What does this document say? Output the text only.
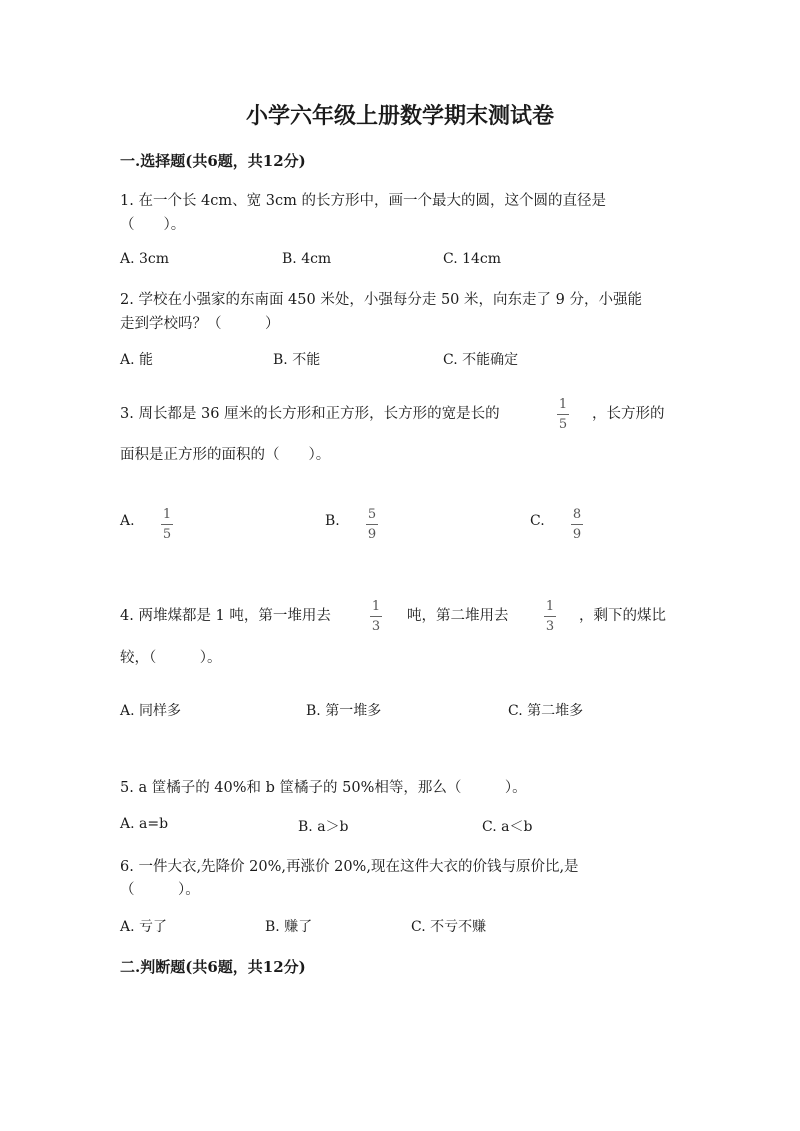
小学六年级上册数学期末测试卷
一.选择题(共6题，共12分)
1. 在一个长 4cm、宽 3cm 的长方形中，画一个最大的圆，这个圆的直径是
（　　）。
A. 3cm	B. 4cm	C. 14cm
2. 学校在小强家的东南面 450 米处，小强每分走 50 米，向东走了 9 分，小强能
走到学校吗？（　　　）
A. 能	B. 不能	C. 不能确定
3. 周长都是 36 厘米的长方形和正方形，长方形的宽是长的
1
5
，长方形的
面积是正方形的面积的（　　）。
A. 1
5
B. 5
9
C. 8
9
4. 两堆煤都是 1 吨，第一堆用去
1
3
吨，第二堆用去
1
3
，剩下的煤比
较，（　　　）。
A. 同样多	B. 第一堆多	C. 第二堆多
5. a 筐橘子的 40%和 b 筐橘子的 50%相等，那么（　　　）。
A. a=b	B. a＞b	C. a＜b
6. 一件大衣,先降价 20%,再涨价 20%,现在这件大衣的价钱与原价比,是
（　　　）。
A. 亏了	B. 赚了	C. 不亏不赚
二.判断题(共6题，共12分)
